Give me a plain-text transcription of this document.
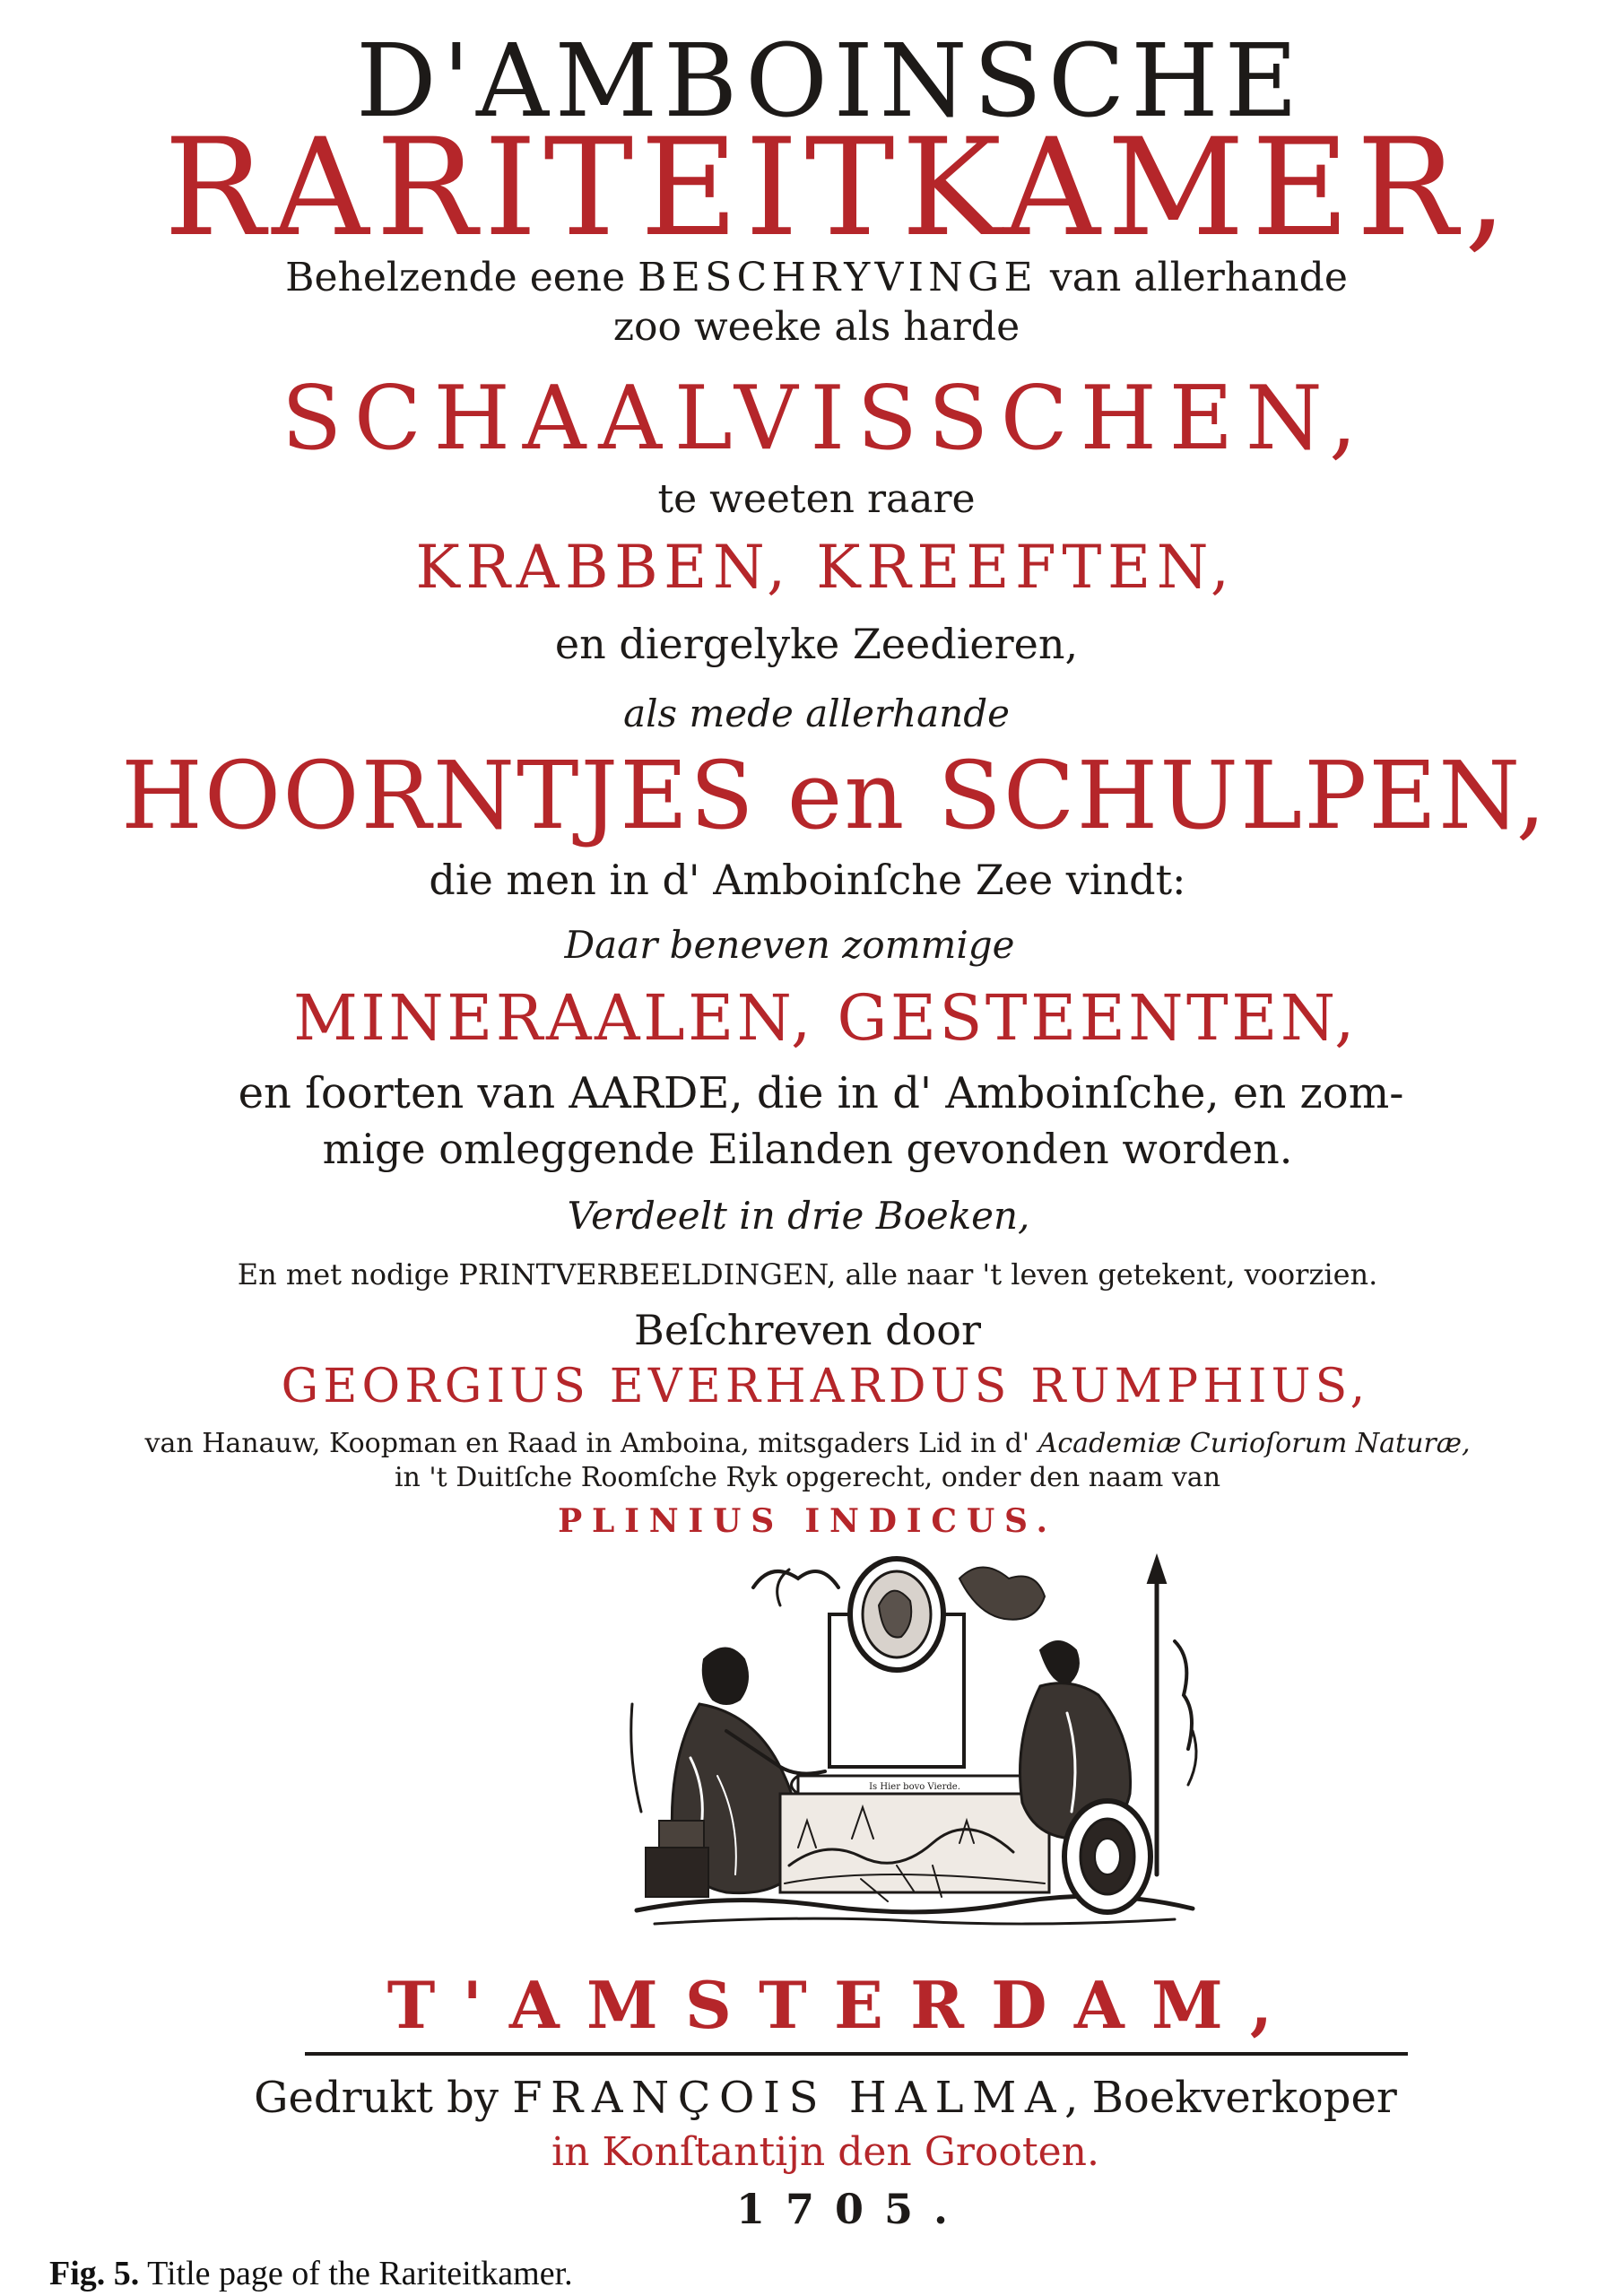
D'AMBOINSCHE
RARITEITKAMER,
Behelzende eene BESCHRYVINGE van allerhande
zoo weeke als harde
SCHAALVISSCHEN,
te weeten raare
KRABBEN, KREEFTEN,
en diergelyke Zeedieren,
als mede allerhande
HOORNTJES en SCHULPEN,
die men in d' Amboinſche Zee vindt:
Daar beneven zommige
MINERAALEN, GESTEENTEN,
en ſoorten van AARDE, die in d' Amboinſche, en zom-
mige omleggende Eilanden gevonden worden.
Verdeelt in drie Boeken,
En met nodige PRINTVERBEELDINGEN, alle naar 't leven getekent, voorzien.
Beſchreven door
GEORGIUS EVERHARDUS RUMPHIUS,
van Hanauw, Koopman en Raad in Amboina, mitsgaders Lid in d' Academiæ Curioſorum Naturæ,
in 't Duitſche Roomſche Ryk opgerecht, onder den naam van
PLINIUS INDICUS.
Is Hier bovo Vierde.
T'AMSTERDAM,
Gedrukt by FRANÇOIS HALMA, Boekverkoper
in Konſtantijn den Grooten.
1705.
Fig. 5. Title page of the Rariteitkamer.
